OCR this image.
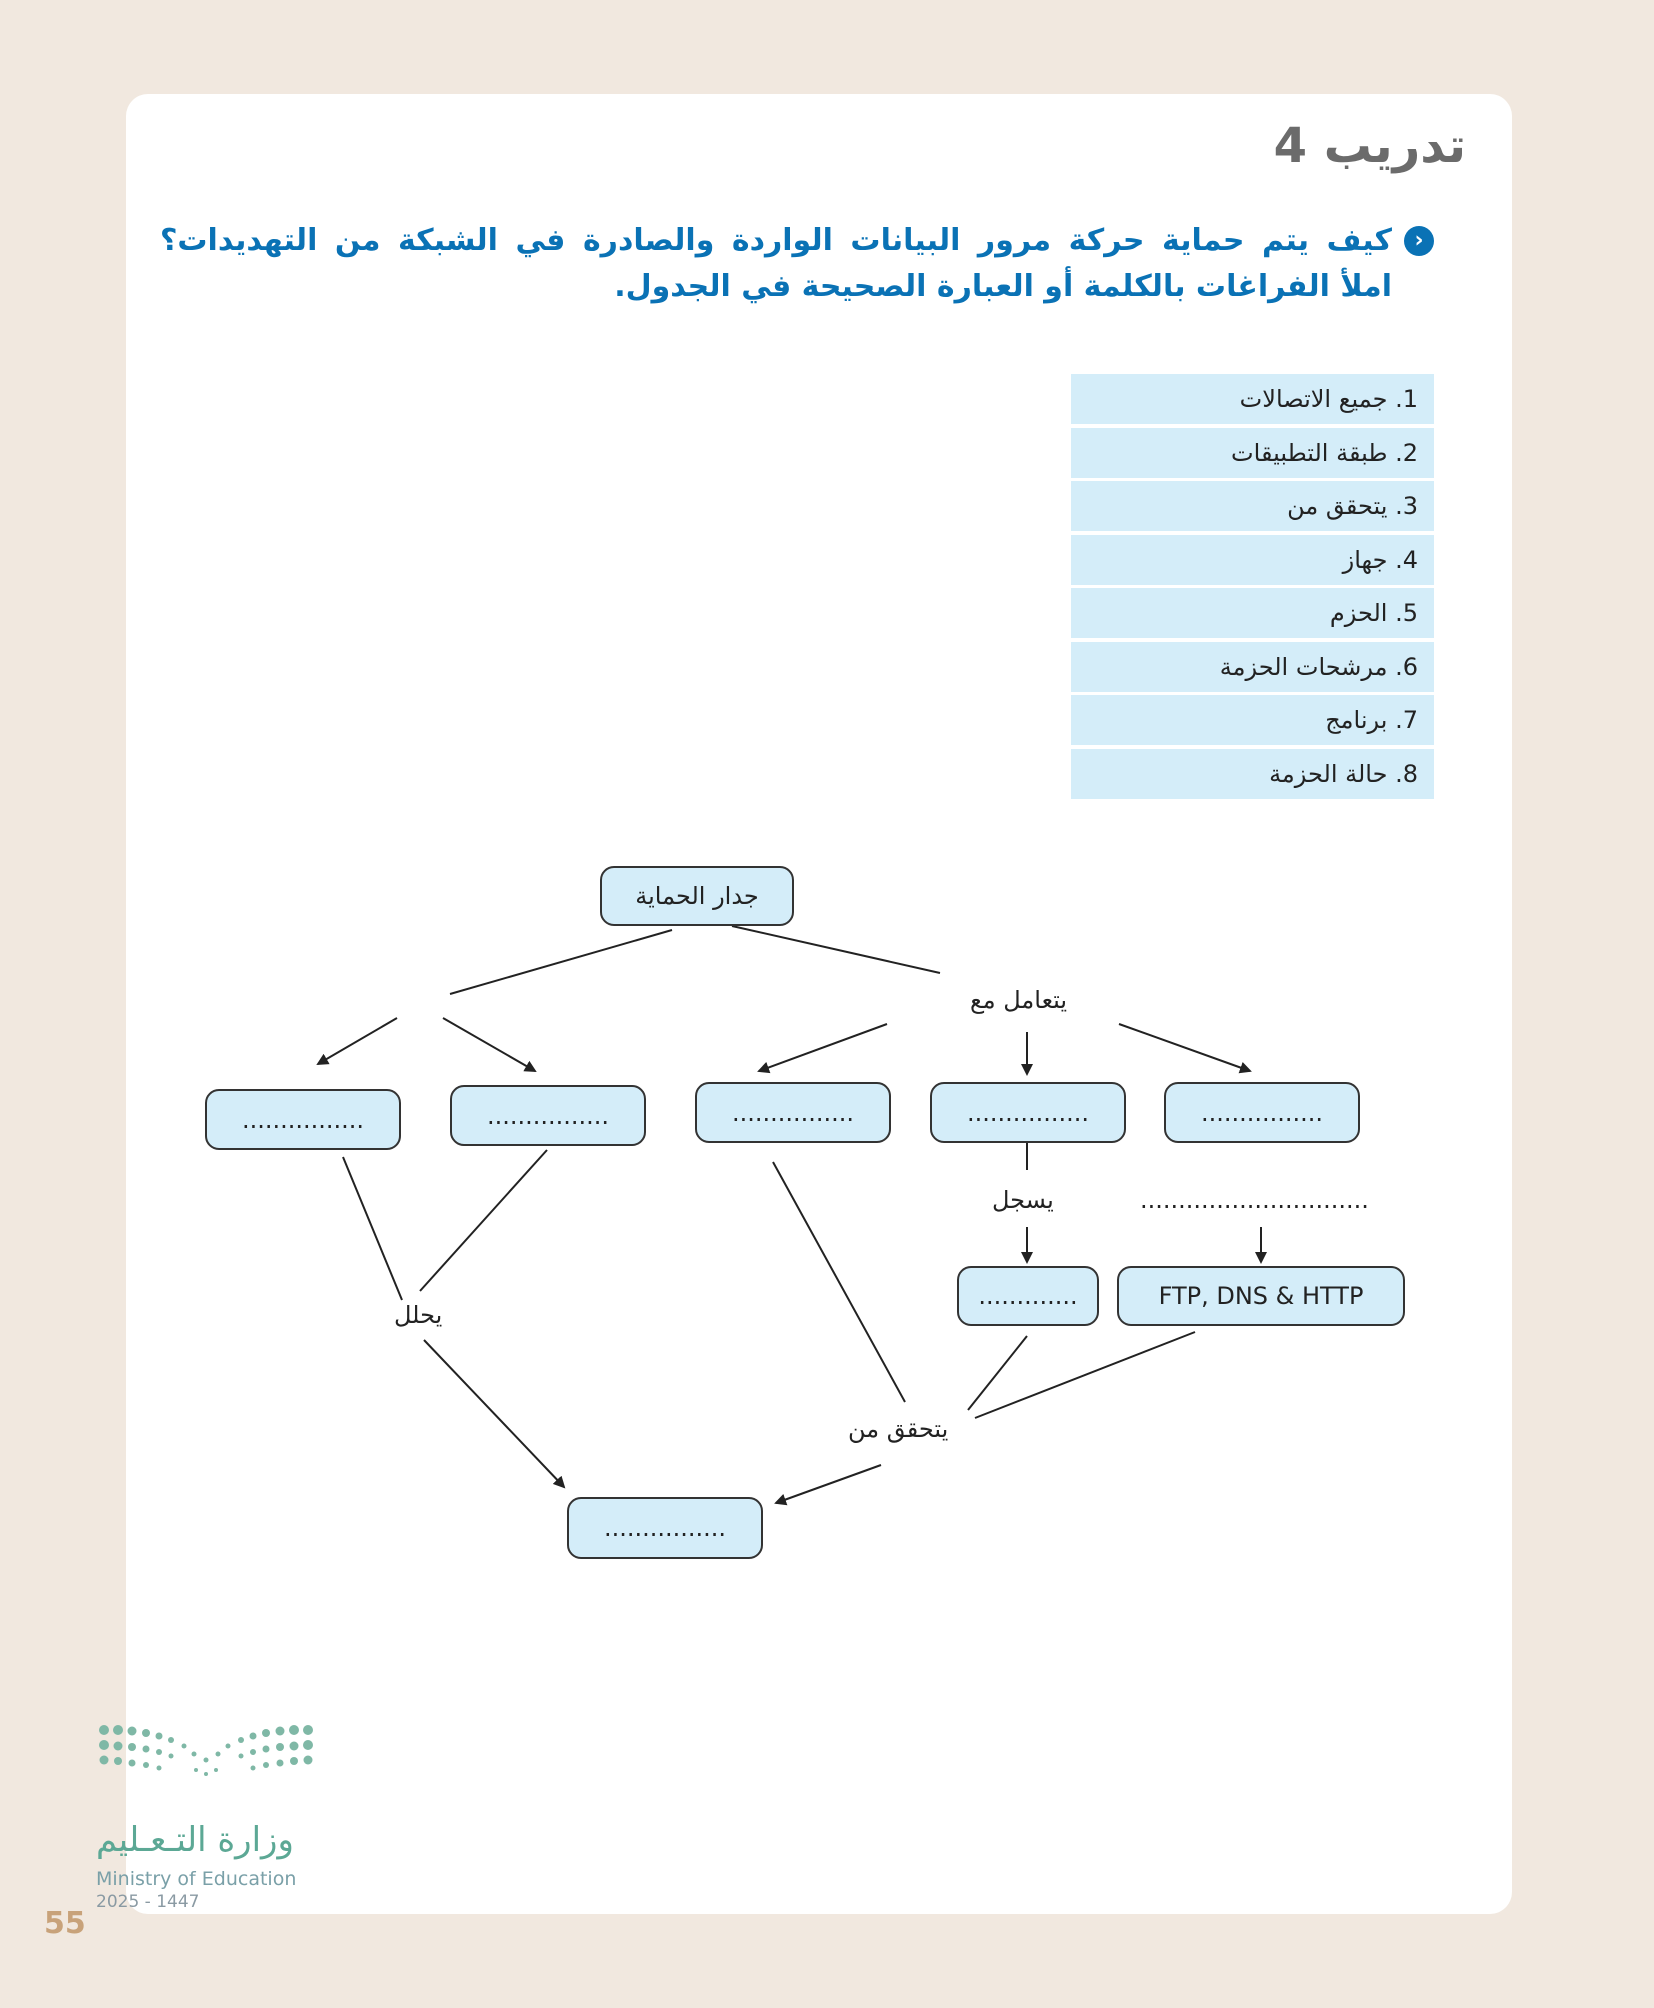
تدريب 4
‹
كيف يتم حماية حركة مرور البيانات الواردة والصادرة في الشبكة من التهديدات؟
املأ الفراغات بالكلمة أو العبارة الصحيحة في الجدول.
1. جميع الاتصالات
2. طبقة التطبيقات
3. يتحقق من
4. جهاز
5. الحزم
6. مرشحات الحزمة
7. برنامج
8. حالة الحزمة
جدار الحماية
يتعامل مع
................	................	................	................	................
يسجل	..............................
.............	FTP, DNS & HTTP
يحلل
يتحقق من
................
وزارة التـعـليم
Ministry of Education
2025 - 1447
55
